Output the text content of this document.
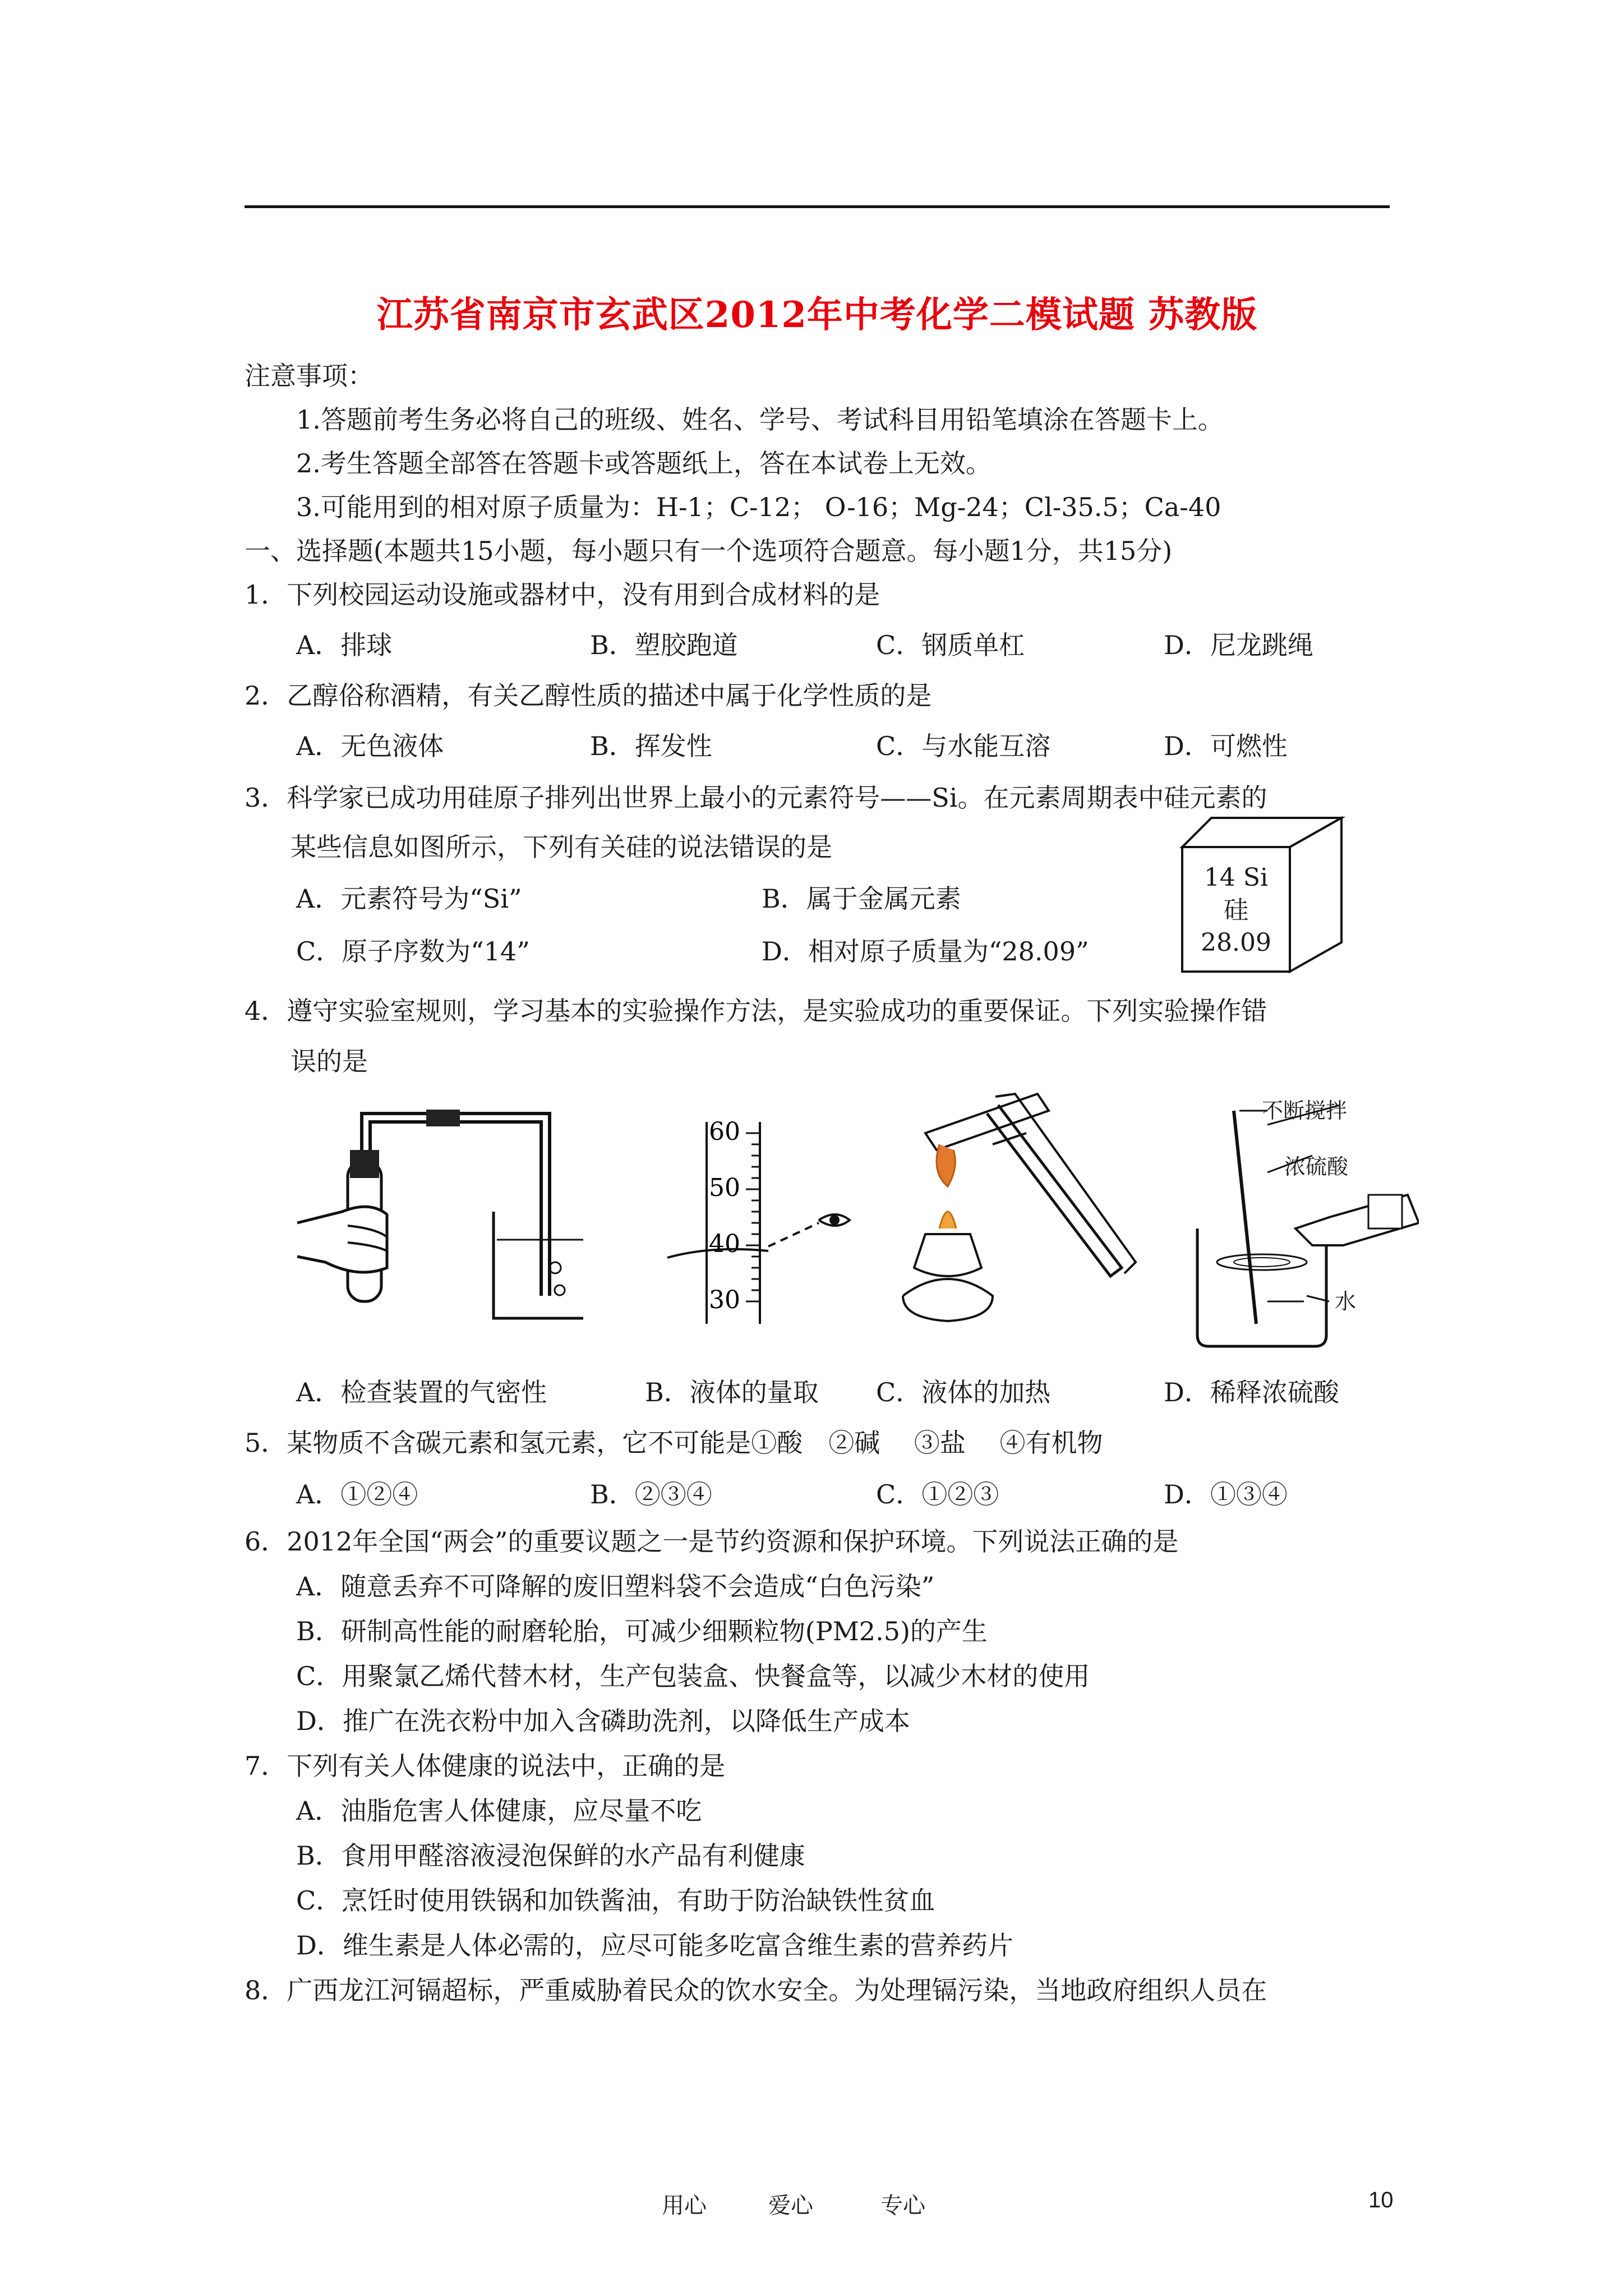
江苏省南京市玄武区2012年中考化学二模试题 苏教版
注意事项：
1.答题前考生务必将自己的班级、姓名、学号、考试科目用铅笔填涂在答题卡上。
2.考生答题全部答在答题卡或答题纸上，答在本试卷上无效。
3.可能用到的相对原子质量为：H-1；C-12； O-16；Mg-24；Cl-35.5；Ca-40
一、选择题(本题共15小题，每小题只有一个选项符合题意。每小题1分，共15分)
1．下列校园运动设施或器材中，没有用到合成材料的是
A．排球	B．塑胶跑道	C．钢质单杠	D．尼龙跳绳
2．乙醇俗称酒精，有关乙醇性质的描述中属于化学性质的是
A．无色液体	B．挥发性	C．与水能互溶	D．可燃性
3．科学家已成功用硅原子排列出世界上最小的元素符号——Si。在元素周期表中硅元素的
某些信息如图所示，下列有关硅的说法错误的是
A．元素符号为“Si”	B．属于金属元素
C．原子序数为“14”	D．相对原子质量为“28.09”
14 Si
硅
28.09
4．遵守实验室规则，学习基本的实验操作方法，是实验成功的重要保证。下列实验操作错
误的是
60
50
40
30
不断搅拌
浓硫酸
水
A．检查装置的气密性	B．液体的量取 C．液体的加热	D．稀释浓硫酸
5．某物质不含碳元素和氢元素，它不可能是①酸　②碱　 ③盐　 ④有机物
A．①②④	B．②③④	C．①②③	D．①③④
6．2012年全国“两会”的重要议题之一是节约资源和保护环境。下列说法正确的是
A．随意丢弃不可降解的废旧塑料袋不会造成“白色污染”
B．研制高性能的耐磨轮胎，可减少细颗粒物(PM2.5)的产生
C．用聚氯乙烯代替木材，生产包装盒、快餐盒等，以减少木材的使用
D．推广在洗衣粉中加入含磷助洗剂，以降低生产成本
7．下列有关人体健康的说法中，正确的是
A．油脂危害人体健康，应尽量不吃
B．食用甲醛溶液浸泡保鲜的水产品有利健康
C．烹饪时使用铁锅和加铁酱油，有助于防治缺铁性贫血
D．维生素是人体必需的，应尽可能多吃富含维生素的营养药片
8．广西龙江河镉超标，严重威胁着民众的饮水安全。为处理镉污染，当地政府组织人员在
用心	爱心	专心	10
